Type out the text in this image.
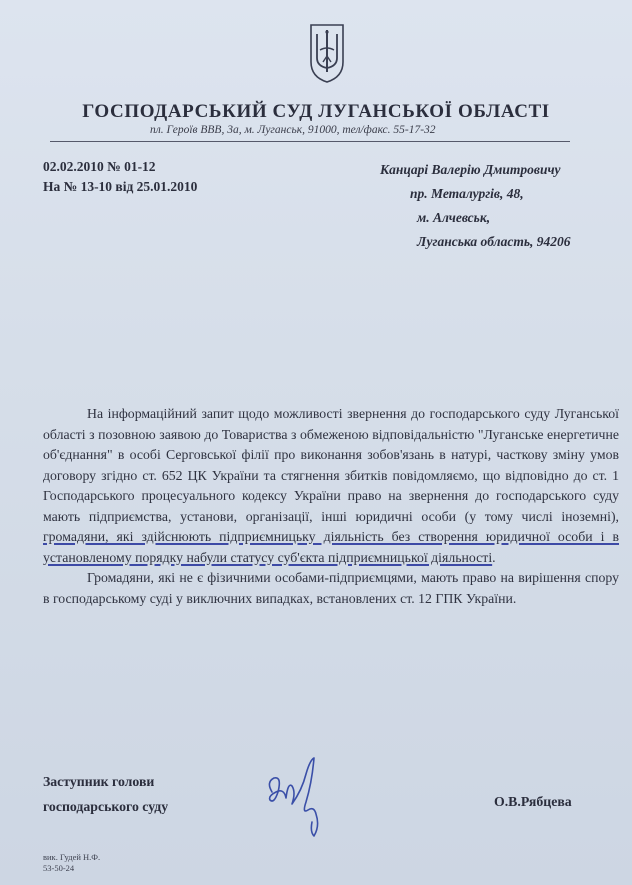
ГОСПОДАРСЬКИЙ СУД ЛУГАНСЬКОЇ ОБЛАСТІ
пл. Героїв ВВВ, 3а, м. Луганськ, 91000, тел/факс. 55-17-32
02.02.2010 № 01-12
На № 13-10 від 25.01.2010
Канцарі Валерію Дмитровичу
пр. Металургів, 48,
м. Алчевськ,
Луганська область, 94206

На інформаційний запит щодо можливості звернення до господарського суду Луганської області з позовною заявою до Товариства з обмеженою відповідальністю "Луганське енергетичне об'єднання" в особі Серговської філії про виконання зобов'язань в натурі, часткову зміну умов договору згідно ст. 652 ЦК України та стягнення збитків повідомляємо, що відповідно до ст. 1 Господарського процесуального кодексу України право на звернення до господарського суду мають підприємства, установи, організації, інші юридичні особи (у тому числі іноземні), громадяни, які здійснюють підприємницьку діяльність без створення юридичної особи і в установленому порядку набули статусу суб'єкта підприємницької діяльності.

Громадяни, які не є фізичними особами-підприємцями, мають право на вирішення спору в господарському суді у виключних випадках, встановлених ст. 12 ГПК України.

Заступник голови
господарського суду	О.В.Рябцева
вик. Гудей Н.Ф.
53-50-24
